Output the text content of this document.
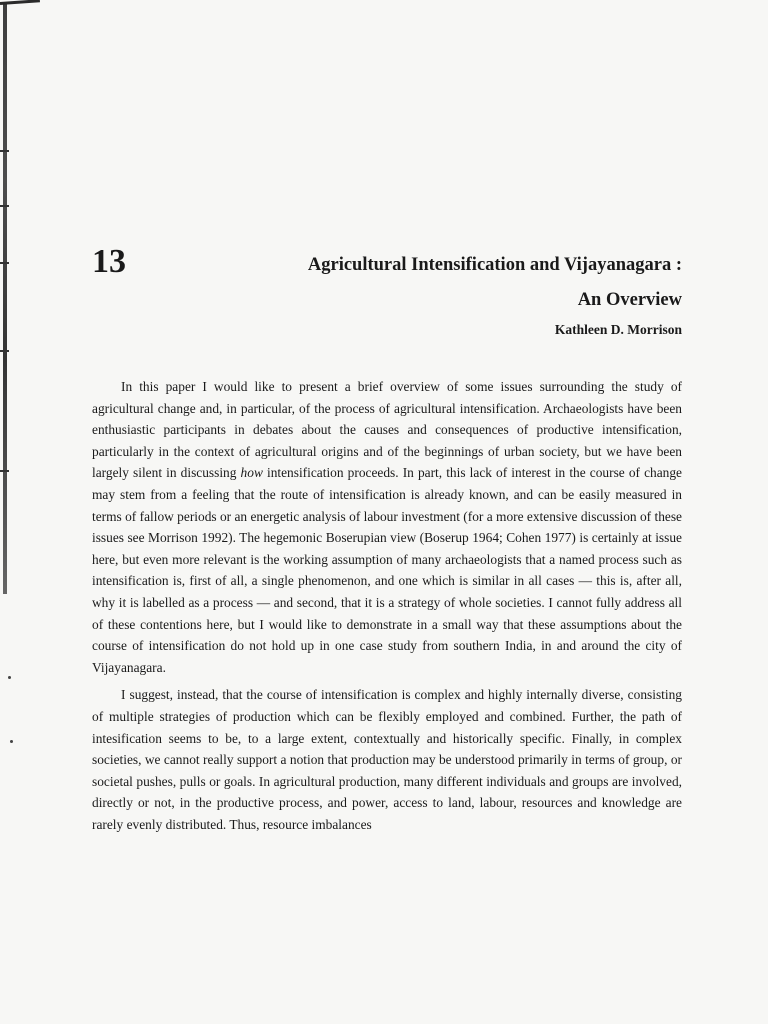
13	Agricultural Intensification and Vijayanagara :
An Overview
Kathleen D. Morrison

In this paper I would like to present a brief overview of some issues surrounding the study of agricultural change and, in particular, of the process of agricultural intensification. Archaeologists have been enthusiastic participants in debates about the causes and consequences of productive intensification, particularly in the context of agricultural origins and of the beginnings of urban society, but we have been largely silent in discussing how intensification proceeds. In part, this lack of interest in the course of change may stem from a feeling that the route of intensification is already known, and can be easily measured in terms of fallow periods or an energetic analysis of labour investment (for a more extensive discussion of these issues see Morrison 1992). The hegemonic Boserupian view (Boserup 1964; Cohen 1977) is certainly at issue here, but even more relevant is the working assumption of many archaeologists that a named process such as intensification is, first of all, a single phenomenon, and one which is similar in all cases — this is, after all, why it is labelled as a process — and second, that it is a strategy of whole societies. I cannot fully address all of these contentions here, but I would like to demonstrate in a small way that these assumptions about the course of intensification do not hold up in one case study from southern India, in and around the city of Vijayanagara.

I suggest, instead, that the course of intensification is complex and highly internally diverse, consisting of multiple strategies of production which can be flexibly employed and combined. Further, the path of intesification seems to be, to a large extent, contextually and historically specific. Finally, in complex societies, we cannot really support a notion that production may be understood primarily in terms of group, or societal pushes, pulls or goals. In agricultural production, many different individuals and groups are involved, directly or not, in the productive process, and power, access to land, labour, resources and knowledge are rarely evenly distributed. Thus, resource imbalances
